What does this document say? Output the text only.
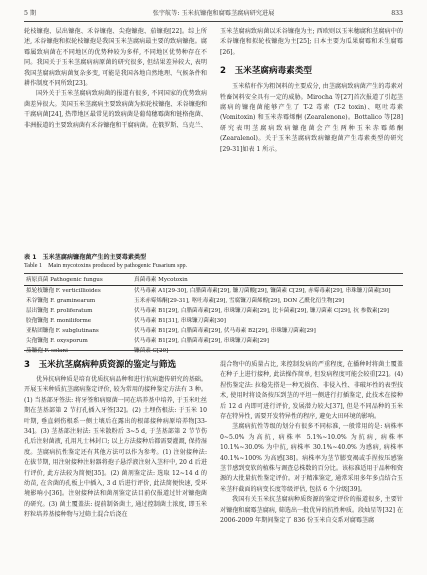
5 期	张宇航等: 玉米抗镰孢和腐霉茎腐病研究进展	833

轮枝镰孢、层出镰孢、禾谷镰孢、尖孢镰孢、茄镰孢[22]。综上所述, 禾谷镰孢和拟轮枝镰孢是我国玉米茎腐病最主要的致病镰孢。腐霉属致病菌在不同地区的优势种较为多样, 不同地区优势种存在不同。我国关于玉米茎腐病病原菌的研究很多, 但结果差异较大, 表明我国茎腐病致病菌复杂多变, 可能是我国各地自然地理、气候条件和耕作制度不同所致[23]。

国外关于玉米茎腐病致病菌的报道有很多, 不同国家的优势致病菌差异很大。美国玉米茎腐病主要致病菌为拟轮枝镰孢、禾谷镰孢和干腐病菌[24], 热带地区最常见的致病菌是葡萄穗霉菌和链格孢菌、非洲报道的主要致病菌有禾谷镰孢和干腐病菌。在俄罗斯、乌克兰、

玉米茎腐病致病菌以禾谷镰孢为主; 西欧则以玉米穗腐和茎腐病中的禾谷镰孢和拟轮枝镰孢为主[25]; 日本主要为瓜果腐霉和禾生腐霉[26]。

2　玉米茎腐病毒素类型

玉米秸秆作为粗饲料的主要成分, 由茎腐病致病菌产生的毒素对牲畜饲料安全具有一定的威胁。Mirocha 等[27]首次报道了引起茎腐病的镰孢菌能够产生了 T-2 毒素 (T-2 toxin)、呕吐毒素 (Vomitoxin) 和玉米赤霉烯酮 (Zearalenone)。Bottalico 等[28]研究表明茎腐病致病镰孢菌会产生两种玉米赤霉烯酮 (Zearalenol)。关于玉米茎腐病致病镰孢菌产生毒素类型的研究[29-31]如表 1 所示。

表 1　玉米茎腐病镰孢菌产生的主要毒素类型
Table 1　Main mycotoxins produced by pathogenic Fusarium spp.
病原真菌 Pathogenic fungus	真菌毒素 Mycotoxin
拟轮枝镰孢 F. verticillioides	伏马毒素 A1[29-30], 白腊菌毒素[29], 镰刀菌酸[29], 镰菌素 C[29], 赤霉毒素[29], 串珠镰刀菌素[30]
禾谷镰孢 F. graminearum	玉米赤霉烯酮[29-31], 呕吐毒素[29], 雪腐镰刀菌烯醇[29], DON 乙酰化衍生物[29]
层出镰孢 F. proliferatum	伏马毒素 B1[29], 白腊菌毒素[29], 串珠镰刀菌素[29], 比卡菌素[29], 镰刀菌素 C[29], 抗 参数素[29]
胶孢镰孢 F. moniliforme	伏马毒素 B1[31], 串珠镰刀菌素[30]
亚粘团镰孢 F. subglutinans	伏马毒素 B1[29], 白腊菌毒素[29], 伏马毒素 B2[29], 串珠镰刀菌素[29]
尖孢镰孢 F. oxysporum	伏马毒素 B1[29], 白腊菌毒素[29], 串珠镰刀菌素[29]
茄镰孢 F. solani	镰菌素 C[29]
3　玉米抗茎腐病种质资源的鉴定与筛选

优异抗病种质是培育优质抗病品种和进行抗病遗传研究的基础。开展玉米种质抗茎腐病鉴定评价, 较为常用的接种鉴定方法有 3 种。(1) 当基部牙签法: 将牙签和病原菌一同在培养基中培养, 于玉米吐丝期在茎基部第 2 节打孔插入牙签[32]。(2) 土埋伤根法: 于玉米 10 叶期, 垂直刺伤根系一侧土壤后在露出的根部接种病原培养物[33-34]。(3) 茎基部注射法: 玉米散粉后 3~5 d, 于茎基部第 2 节节伤孔后注射菌液, 孔用凡士林封口; 以上方法接种后都需要灌溉, 保持湿度。茎腐病抗性鉴定还有其他方法可以作为参考。(1) 注射接种法: 在拔节期, 用注射接种注射器将孢子悬浮液注射入茎秆中, 20 d 后进行评价, 此方法较为简便[35]。(2) 菌剂鉴定法: 选取 12~14 d 的幼苗, 在含菌的孔板上中插入, 3 d 后进行评价, 此法简便快速, 受环境影响小[36]。注射接种法和菌剂鉴定法目前仅报道过针对镰孢菌的研究。(3) 菌土覆盖法: 提前制备菌土, 通过控制菌土浓度, 即玉米籽粒培养基接种物与过筛土混合后浇在

混合物中的质量占比, 来控制发病的严重程度, 在播种时将菌土覆盖在种子上进行接种, 此法操作简单, 但发病程度可能会较重[22]。(4) 捏伤鉴定法: 拉稳先搭是一种无损伤、非侵入性、非破坏性的表型技术, 使用时将设备按压到茎的平坦一侧进行打插鉴定, 此技术在接种后 12 d 内即可进行评价, 发展潜力较大[37], 但是不同品种的玉米存在特异性, 需要开发特异性的程序, 避免大田环境的影响。

茎腐病抗性等级的划分有很多不同标准, 一般常用的是: 病株率 0~5.0% 为高抗, 病株率 5.1%~10.0% 为抗病, 病株率 10.1%~30.0% 为中抗, 病株率 30.1%~40.0% 为感病, 病株率 40.1%~100% 为高感[38]。病株率为茎节膨变褐或手捏按压感鉴茎节感到变软的植株与调查总株数的百分比。该标准适用于品种和资源的大批量抗性鉴定评价。对于精准鉴定, 通常采用多年多点结合玉米茎秆截面的病变长度等级评估, 包括 6 个分级[39]。

我国有关玉米抗茎腐病种质资源的鉴定评价的报道很多, 主要针对镰孢和腐霉茎腐病, 筛选出一批优异的抗性种质。段灿星等[32] 在 2006-2009 年期间鉴定了 836 份玉米自交系对腐霉茎腐
